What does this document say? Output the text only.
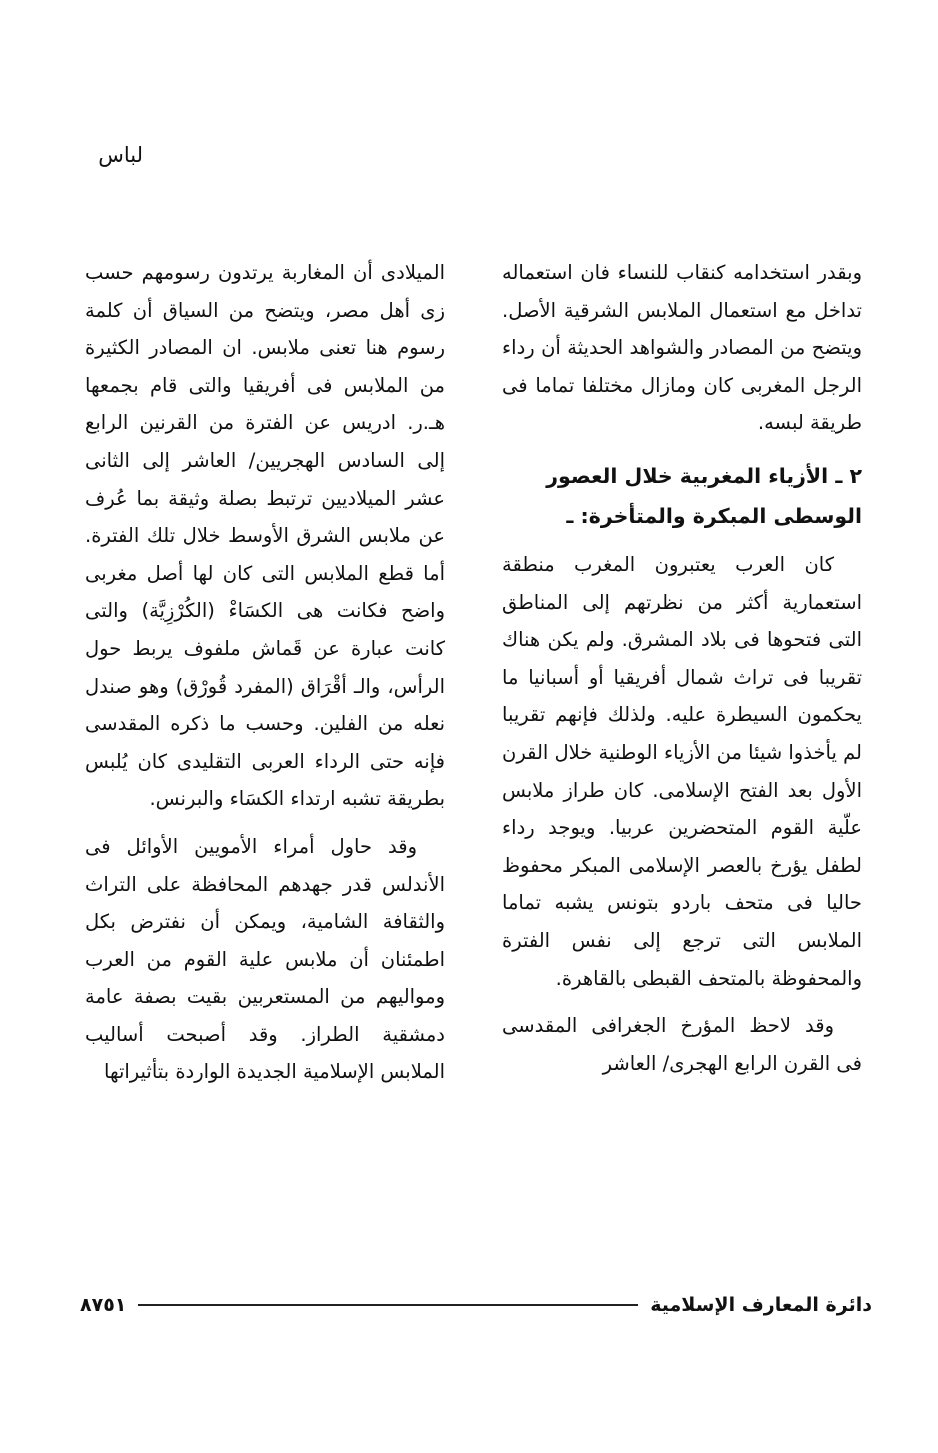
لباس

وبقدر استخدامه كنقاب للنساء فان استعماله تداخل مع استعمال الملابس الشرقية الأصل. ويتضح من المصادر والشواهد الحديثة أن رداء الرجل المغربى كان ومازال مختلفا تماما فى طريقة لبسه.

٢ ـ الأزياء المغربية خلال العصور الوسطى المبكرة والمتأخرة: ـ

كان العرب يعتبرون المغرب منطقة استعمارية أكثر من نظرتهم إلى المناطق التى فتحوها فى بلاد المشرق. ولم يكن هناك تقريبا فى تراث شمال أفريقيا أو أسبانيا ما يحكمون السيطرة عليه. ولذلك فإنهم تقريبا لم يأخذوا شيئا من الأزياء الوطنية خلال القرن الأول بعد الفتح الإسلامى. كان طراز ملابس علّية القوم المتحضرين عربيا. ويوجد رداء لطفل يؤرخ بالعصر الإسلامى المبكر محفوظ حاليا فى متحف باردو بتونس يشبه تماما الملابس التى ترجع إلى نفس الفترة والمحفوظة بالمتحف القبطى بالقاهرة.

وقد لاحظ المؤرخ الجغرافى المقدسى فى القرن الرابع الهجرى/ العاشر

الميلادى أن المغاربة يرتدون رسومهم حسب زى أهل مصر، ويتضح من السياق أن كلمة رسوم هنا تعنى ملابس. ان المصادر الكثيرة من الملابس فى أفريقيا والتى قام بجمعها هـ.ر. ادريس عن الفترة من القرنين الرابع إلى السادس الهجريين/ العاشر إلى الثانى عشر الميلاديين ترتبط بصلة وثيقة بما عُرف عن ملابس الشرق الأوسط خلال تلك الفترة. أما قطع الملابس التى كان لها أصل مغربى واضح فكانت هى الكسَاءْ (الكُرْزِيَّة) والتى كانت عبارة عن قَماش ملفوف يربط حول الرأس، والـ أقْرَاق (المفرد قُورْق) وهو صندل نعله من الفلين. وحسب ما ذكره المقدسى فإنه حتى الرداء العربى التقليدى كان يُلبس بطريقة تشبه ارتداء الكسَاء والبرنس.

وقد حاول أمراء الأمويين الأوائل فى الأندلس قدر جهدهم المحافظة على التراث والثقافة الشامية، ويمكن أن نفترض بكل اطمئنان أن ملابس علية القوم من العرب ومواليهم من المستعربين بقيت بصفة عامة دمشقية الطراز. وقد أصبحت أساليب الملابس الإسلامية الجديدة الواردة بتأثيراتها

دائرة المعارف الإسلامية
٨٧٥١
